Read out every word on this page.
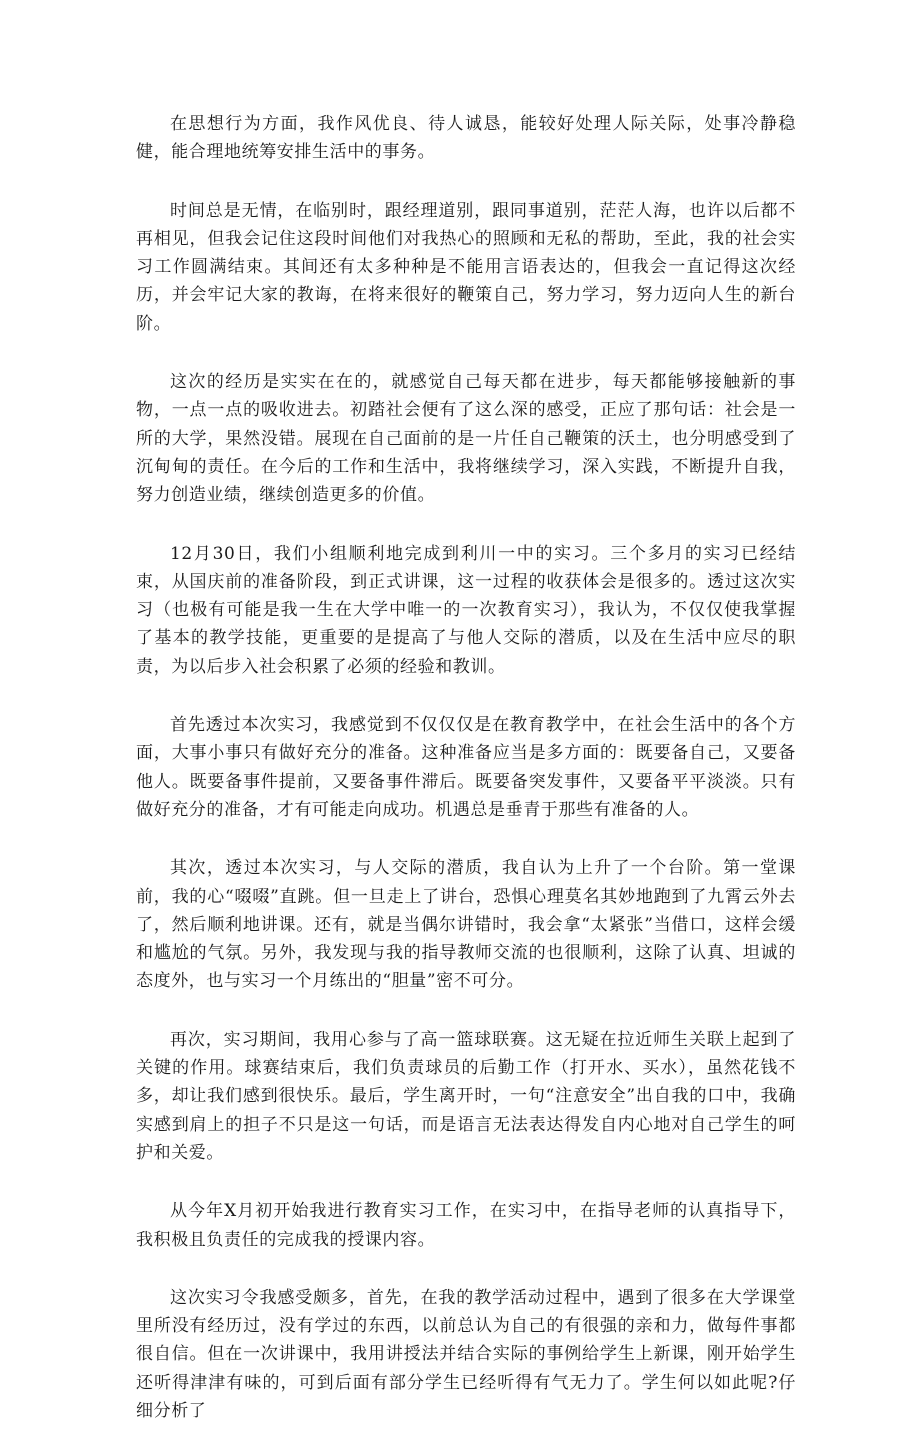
在思想行为方面，我作风优良、待人诚恳，能较好处理人际关际，处事冷静稳健，能合理地统筹安排生活中的事务。

时间总是无情，在临别时，跟经理道别，跟同事道别，茫茫人海，也许以后都不再相见，但我会记住这段时间他们对我热心的照顾和无私的帮助，至此，我的社会实习工作圆满结束。其间还有太多种种是不能用言语表达的，但我会一直记得这次经历，并会牢记大家的教诲，在将来很好的鞭策自己，努力学习，努力迈向人生的新台阶。

这次的经历是实实在在的，就感觉自己每天都在进步，每天都能够接触新的事物，一点一点的吸收进去。初踏社会便有了这么深的感受，正应了那句话：社会是一所的大学，果然没错。展现在自己面前的是一片任自己鞭策的沃土，也分明感受到了沉甸甸的责任。在今后的工作和生活中，我将继续学习，深入实践，不断提升自我，努力创造业绩，继续创造更多的价值。

12月30日，我们小组顺利地完成到利川一中的实习。三个多月的实习已经结束，从国庆前的准备阶段，到正式讲课，这一过程的收获体会是很多的。透过这次实习（也极有可能是我一生在大学中唯一的一次教育实习），我认为，不仅仅使我掌握了基本的教学技能，更重要的是提高了与他人交际的潜质，以及在生活中应尽的职责，为以后步入社会积累了必须的经验和教训。

首先透过本次实习，我感觉到不仅仅仅是在教育教学中，在社会生活中的各个方面，大事小事只有做好充分的准备。这种准备应当是多方面的：既要备自己，又要备他人。既要备事件提前，又要备事件滞后。既要备突发事件，又要备平平淡淡。只有做好充分的准备，才有可能走向成功。机遇总是垂青于那些有准备的人。

其次，透过本次实习，与人交际的潜质，我自认为上升了一个台阶。第一堂课前，我的心“啜啜”直跳。但一旦走上了讲台，恐惧心理莫名其妙地跑到了九霄云外去了，然后顺利地讲课。还有，就是当偶尔讲错时，我会拿“太紧张”当借口，这样会缓和尴尬的气氛。另外，我发现与我的指导教师交流的也很顺利，这除了认真、坦诚的态度外，也与实习一个月练出的“胆量”密不可分。

再次，实习期间，我用心参与了高一篮球联赛。这无疑在拉近师生关联上起到了关键的作用。球赛结束后，我们负责球员的后勤工作（打开水、买水），虽然花钱不多，却让我们感到很快乐。最后，学生离开时，一句“注意安全”出自我的口中，我确实感到肩上的担子不只是这一句话，而是语言无法表达得发自内心地对自己学生的呵护和关爱。

从今年X月初开始我进行教育实习工作，在实习中，在指导老师的认真指导下，我积极且负责任的完成我的授课内容。

这次实习令我感受颇多，首先，在我的教学活动过程中，遇到了很多在大学课堂里所没有经历过，没有学过的东西，以前总认为自己的有很强的亲和力，做每件事都很自信。但在一次讲课中，我用讲授法并结合实际的事例给学生上新课，刚开始学生还听得津津有味的，可到后面有部分学生已经听得有气无力了。学生何以如此呢?仔细分析了
